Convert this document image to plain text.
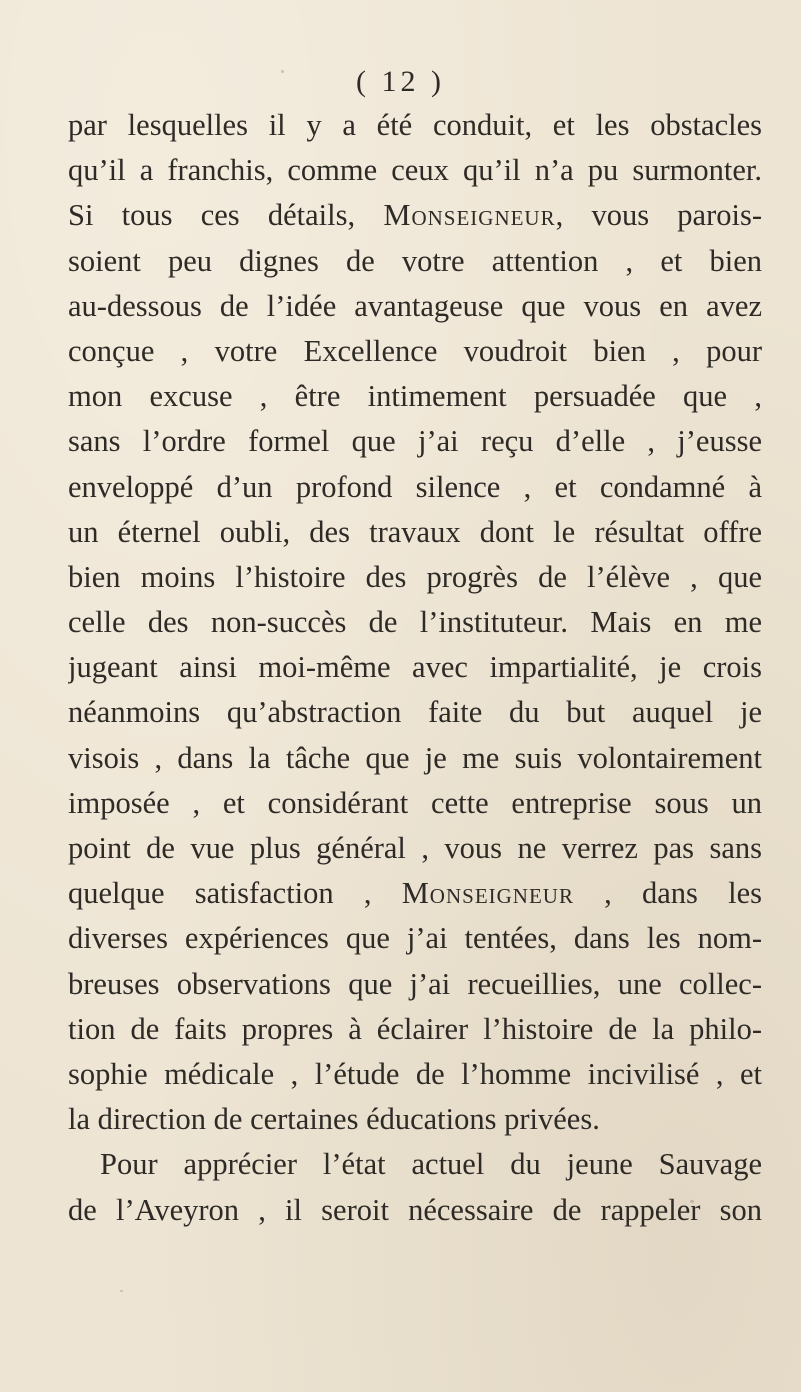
( 12 )
par lesquelles il y a été conduit, et les obstacles
qu’il a franchis, comme ceux qu’il n’a pu surmonter.
Si tous ces détails, Monseigneur, vous parois-
soient peu dignes de votre attention , et bien
au-dessous de l’idée avantageuse que vous en avez
conçue , votre Excellence voudroit bien , pour
mon excuse , être intimement persuadée que ,
sans l’ordre formel que j’ai reçu d’elle , j’eusse
enveloppé d’un profond silence , et condamné à
un éternel oubli, des travaux dont le résultat offre
bien moins l’histoire des progrès de l’élève , que
celle des non-succès de l’instituteur. Mais en me
jugeant ainsi moi-même avec impartialité, je crois
néanmoins qu’abstraction faite du but auquel je
visois , dans la tâche que je me suis volontairement
imposée , et considérant cette entreprise sous un
point de vue plus général , vous ne verrez pas sans
quelque satisfaction , Monseigneur , dans les
diverses expériences que j’ai tentées, dans les nom-
breuses observations que j’ai recueillies, une collec-
tion de faits propres à éclairer l’histoire de la philo-
sophie médicale , l’étude de l’homme incivilisé , et
la direction de certaines éducations privées.
Pour apprécier l’état actuel du jeune Sauvage
de l’Aveyron , il seroit nécessaire de rappeler son
